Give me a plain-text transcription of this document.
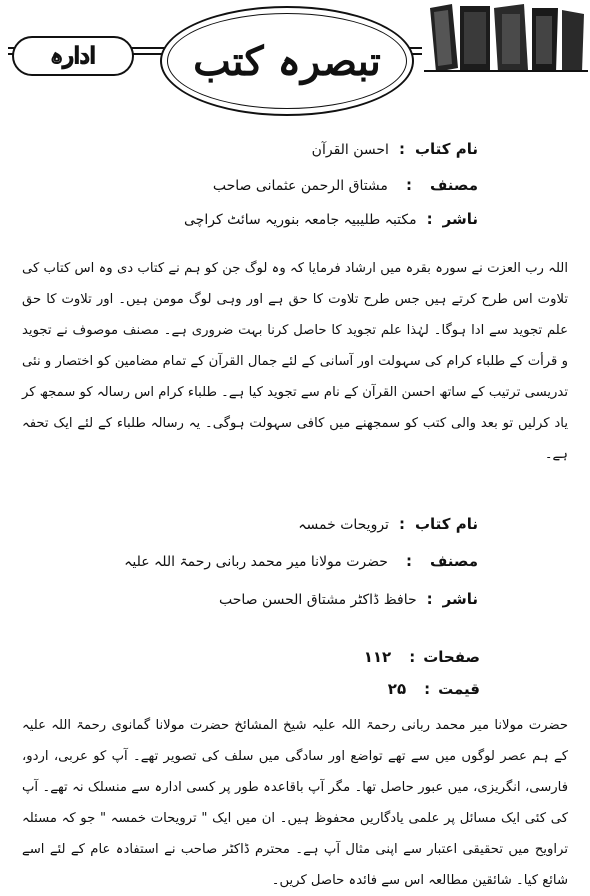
ادارہ	تبصرہ کتب
نام کتاب
:
احسن القرآن
مصنف
:
مشتاق الرحمن عثمانی صاحب
ناشر
:
مکتبہ طلیبیہ جامعہ بنوریہ سائٹ کراچی

اللہ رب العزت نے سورہ بقرہ میں ارشاد فرمایا کہ وہ لوگ جن کو ہم نے کتاب دی وہ اس کتاب کی تلاوت اس طرح کرتے ہیں جس طرح تلاوت کا حق ہے اور وہی لوگ مومن ہیں۔ اور تلاوت کا حق علم تجوید سے ادا ہوگا۔ لہٰذا علم تجوید کا حاصل کرنا بہت ضروری ہے۔ مصنف موصوف نے تجوید و قرأت کے طلباء کرام کی سہولت اور آسانی کے لئے جمال القرآن کے تمام مضامین کو اختصار و نئی تدریسی ترتیب کے ساتھ احسن القرآن کے نام سے تجوید کیا ہے۔ طلباء کرام اس رسالہ کو سمجھ کر یاد کرلیں تو بعد والی کتب کو سمجھنے میں کافی سہولت ہوگی۔ یہ رسالہ طلباء کے لئے ایک تحفہ ہے۔

نام کتاب
:
ترویحات خمسہ
مصنف
:
حضرت مولانا میر محمد ربانی رحمۃ اللہ علیہ
ناشر
:
حافظ ڈاکٹر مشتاق الحسن صاحب
صفحات
:
۱۱۲
قیمت
:
۲۵

حضرت مولانا میر محمد ربانی رحمۃ اللہ علیہ شیخ المشائخ حضرت مولانا گمانوی رحمۃ اللہ علیہ کے ہم عصر لوگوں میں سے تھے تواضع اور سادگی میں سلف کی تصویر تھے۔ آپ کو عربی، اردو، فارسی، انگریزی، میں عبور حاصل تھا۔ مگر آپ باقاعدہ طور پر کسی ادارہ سے منسلک نہ تھے۔ آپ کی کئی ایک مسائل پر علمی یادگاریں محفوظ ہیں۔ ان میں ایک " ترویحات خمسہ " جو کہ مسئلہ تراویح میں تحقیقی اعتبار سے اپنی مثال آپ ہے۔ محترم ڈاکٹر صاحب نے استفادہ عام کے لئے اسے شائع کیا۔ شائقین مطالعہ اس سے فائدہ حاصل کریں۔
